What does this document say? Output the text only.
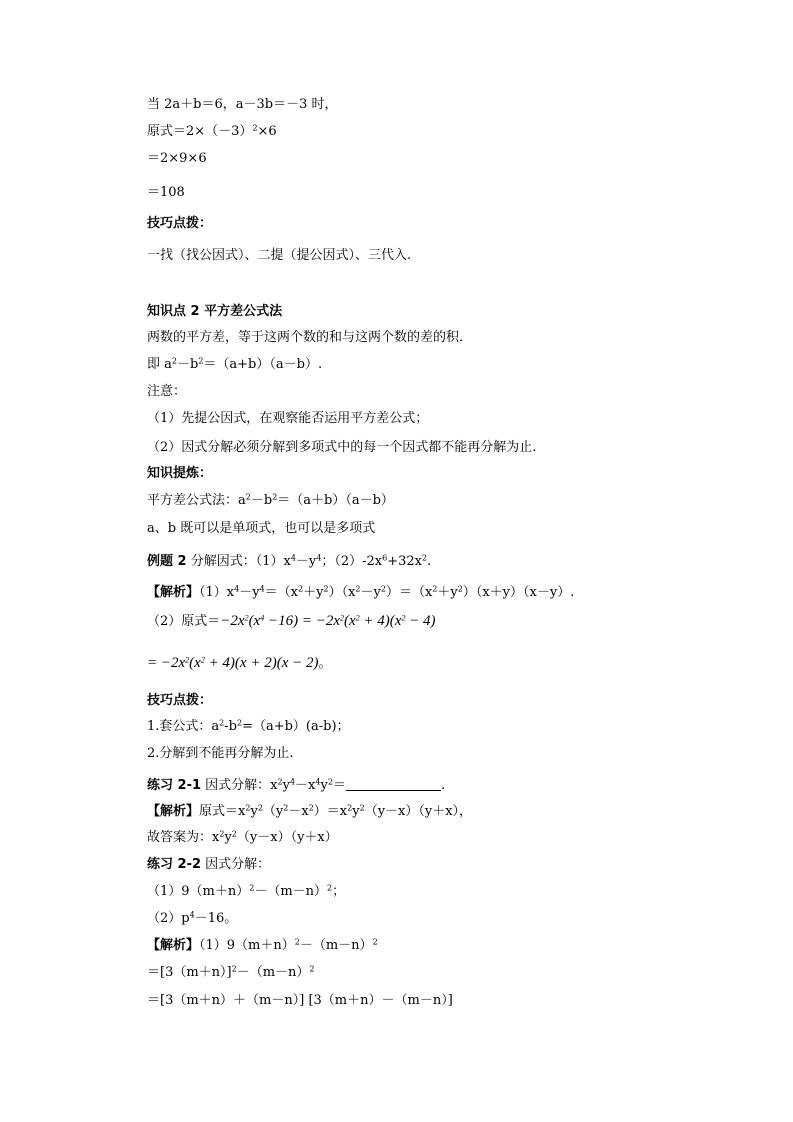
当 2a＋b＝6，a－3b＝－3 时，
原式$=2\times(-3)^2\times 6$
＝2×9×6
＝108
技巧点拨：
一找（找公因式）、二提（提公因式）、三代入.
知识点 2 平方差公式法
两数的平方差，等于这两个数的和与这两个数的差的积．
即 $a^2-b^2=(a+b)(a-b)$.
注意：
（1）先提公因式，在观察能否运用平方差公式；
（2）因式分解必须分解到多项式中的每一个因式都不能再分解为止.
知识提炼：
平方差公式法：$a^2-b^2=(a+b)(a-b)$
a、b 既可以是单项式，也可以是多项式
例题 2 分解因式：$(1)x^4-y^4$；$(2)-2x^6+32x^2$.
【解析】$(1)x^4-y^4=(x^2+y^2)(x^2-y^2)=(x^2+y^2)(x+y)(x-y)$.
（2）原式$=-2x^2(x^4 -16) = -2x^2(x^2 + 4)(x^2 - 4)$
= $-2x^2(x^2 + 4)(x + 2)(x - 2)$。
技巧点拨：
1.套公式：$a^2-b^2=(a+b)(a-b)$；
2.分解到不能再分解为止.
练习 2-1 因式分解：$x^2y^4-x^4y^2=$	.
【解析】原式$=x^2y^2(y^2-x^2)=x^2y^2(y-x)(y+x)$，
故答案为：$x^2y^2(y-x)(y+x)$
练习 2-2 因式分解：
$(1)9(m+n)^2-(m-n)^2$；
$(2)p^4-16$。
【解析】$(1)9(m+n)^2-(m-n)^2$
$=[3(m+n)]^2-(m-n)^2$
＝[3（m＋n）＋（m－n）] [3（m＋n）－（m－n）]
